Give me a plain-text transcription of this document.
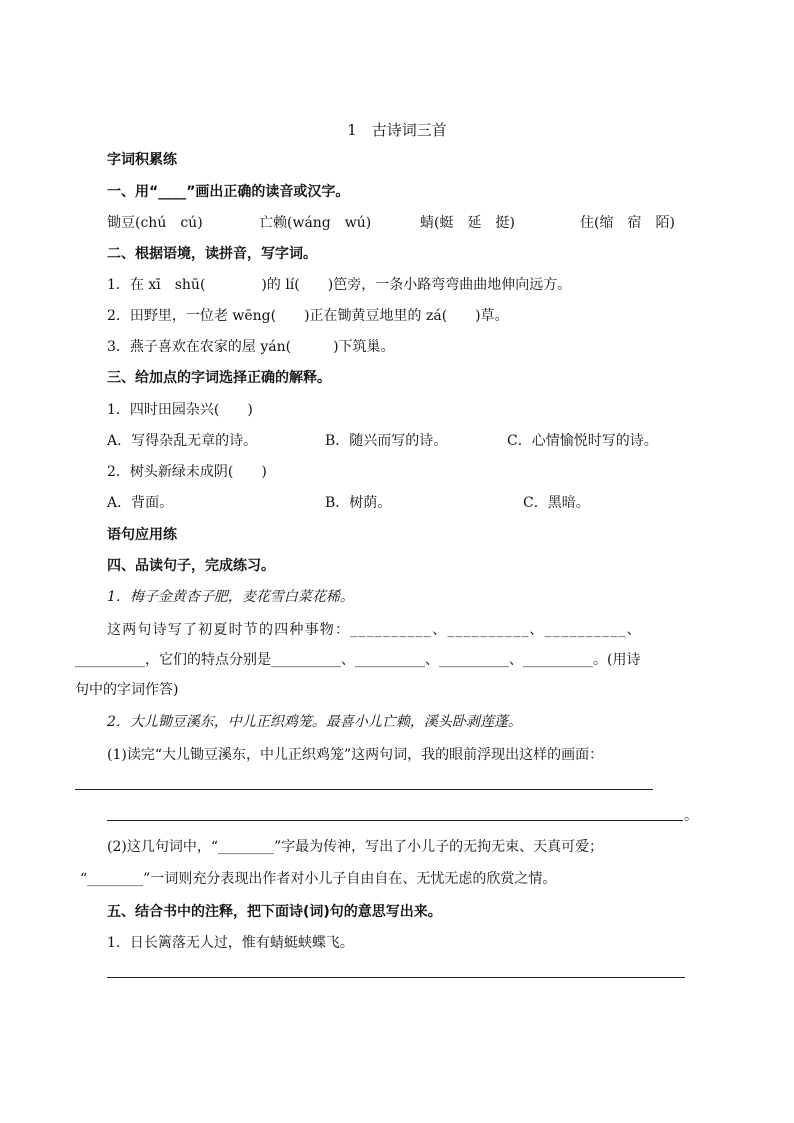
1　古诗词三首
字词积累练
一、用“____”画出正确的读音或汉字。
锄豆(chú　cú)	亡赖(wáng　wú)	蜻(蜓　延　挺)	住(缩　宿　陌)
二、根据语境，读拼音，写字词。
1．在 xī　shū(　　　　)的 lí(　　)笆旁，一条小路弯弯曲曲地伸向远方。
2．田野里，一位老 wēng(　　)正在锄黄豆地里的 zá(　　)草。
3．燕子喜欢在农家的屋 yán(　　　)下筑巢。
三、给加点的字词选择正确的解释。
1．四时田园杂兴(　　)
A．写得杂乱无章的诗。	B．随兴而写的诗。	C．心情愉悦时写的诗。
2．树头新绿未成阴(　　)
A．背面。	B．树荫。	C．黑暗。
语句应用练
四、品读句子，完成练习。
1．梅子金黄杏子肥，麦花雪白菜花稀。
这两句诗写了初夏时节的四种事物：__________、__________、__________、
__________，它们的特点分别是__________、__________、__________、__________。(用诗
句中的字词作答)
2．大儿锄豆溪东，中儿正织鸡笼。最喜小儿亡赖，溪头卧剥莲蓬。
(1)读完“大儿锄豆溪东，中儿正织鸡笼”这两句词，我的眼前浮现出这样的画面：
。
(2)这几句词中，“________”字最为传神，写出了小儿子的无拘无束、天真可爱；
“________”一词则充分表现出作者对小儿子自由自在、无忧无虑的欣赏之情。
五、结合书中的注释，把下面诗(词)句的意思写出来。
1．日长篱落无人过，惟有蜻蜓蛱蝶飞。
